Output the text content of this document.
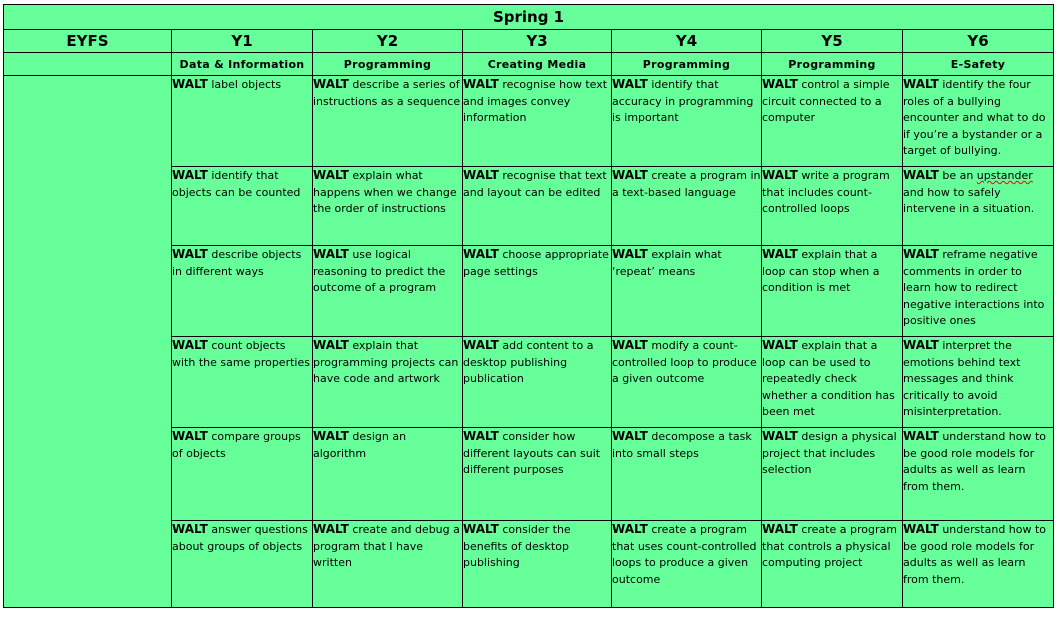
Spring 1						
EYFS	Y1	Y2	Y3	Y4	Y5	Y6
	Data & Information	Programming	Creating Media	Programming	Programming	E-Safety
	WALT label objects	WALT describe a series of instructions as a sequence	WALT recognise how text and images convey information	WALT identify that accuracy in programming is important	WALT control a simple circuit connected to a computer	WALT identify the four roles of a bullying encounter and what to do if you’re a bystander or a target of bullying.
	WALT identify that objects can be counted	WALT explain what happens when we change the order of instructions	WALT recognise that text and layout can be edited	WALT create a program in a text-based language	WALT write a program that includes count-controlled loops	WALT be an upstander and how to safely intervene in a situation.
	WALT describe objects in different ways	WALT use logical reasoning to predict the outcome of a program	WALT choose appropriate page settings	WALT explain what ‘repeat’ means	WALT explain that a loop can stop when a condition is met	WALT reframe negative comments in order to learn how to redirect negative interactions into positive ones
	WALT count objects with the same properties	WALT explain that programming projects can have code and artwork	WALT add content to a desktop publishing publication	WALT modify a count-controlled loop to produce a given outcome	WALT explain that a loop can be used to repeatedly check whether a condition has been met	WALT interpret the emotions behind text messages and think critically to avoid misinterpretation.
	WALT compare groups of objects	WALT design an algorithm	WALT consider how different layouts can suit different purposes	WALT decompose a task into small steps	WALT design a physical project that includes selection	WALT understand how to be good role models for adults as well as learn from them.
	WALT answer questions about groups of objects	WALT create and debug a program that I have written	WALT consider the benefits of desktop publishing	WALT create a program that uses count-controlled loops to produce a given outcome	WALT create a program that controls a physical computing project	WALT understand how to be good role models for adults as well as learn from them.
